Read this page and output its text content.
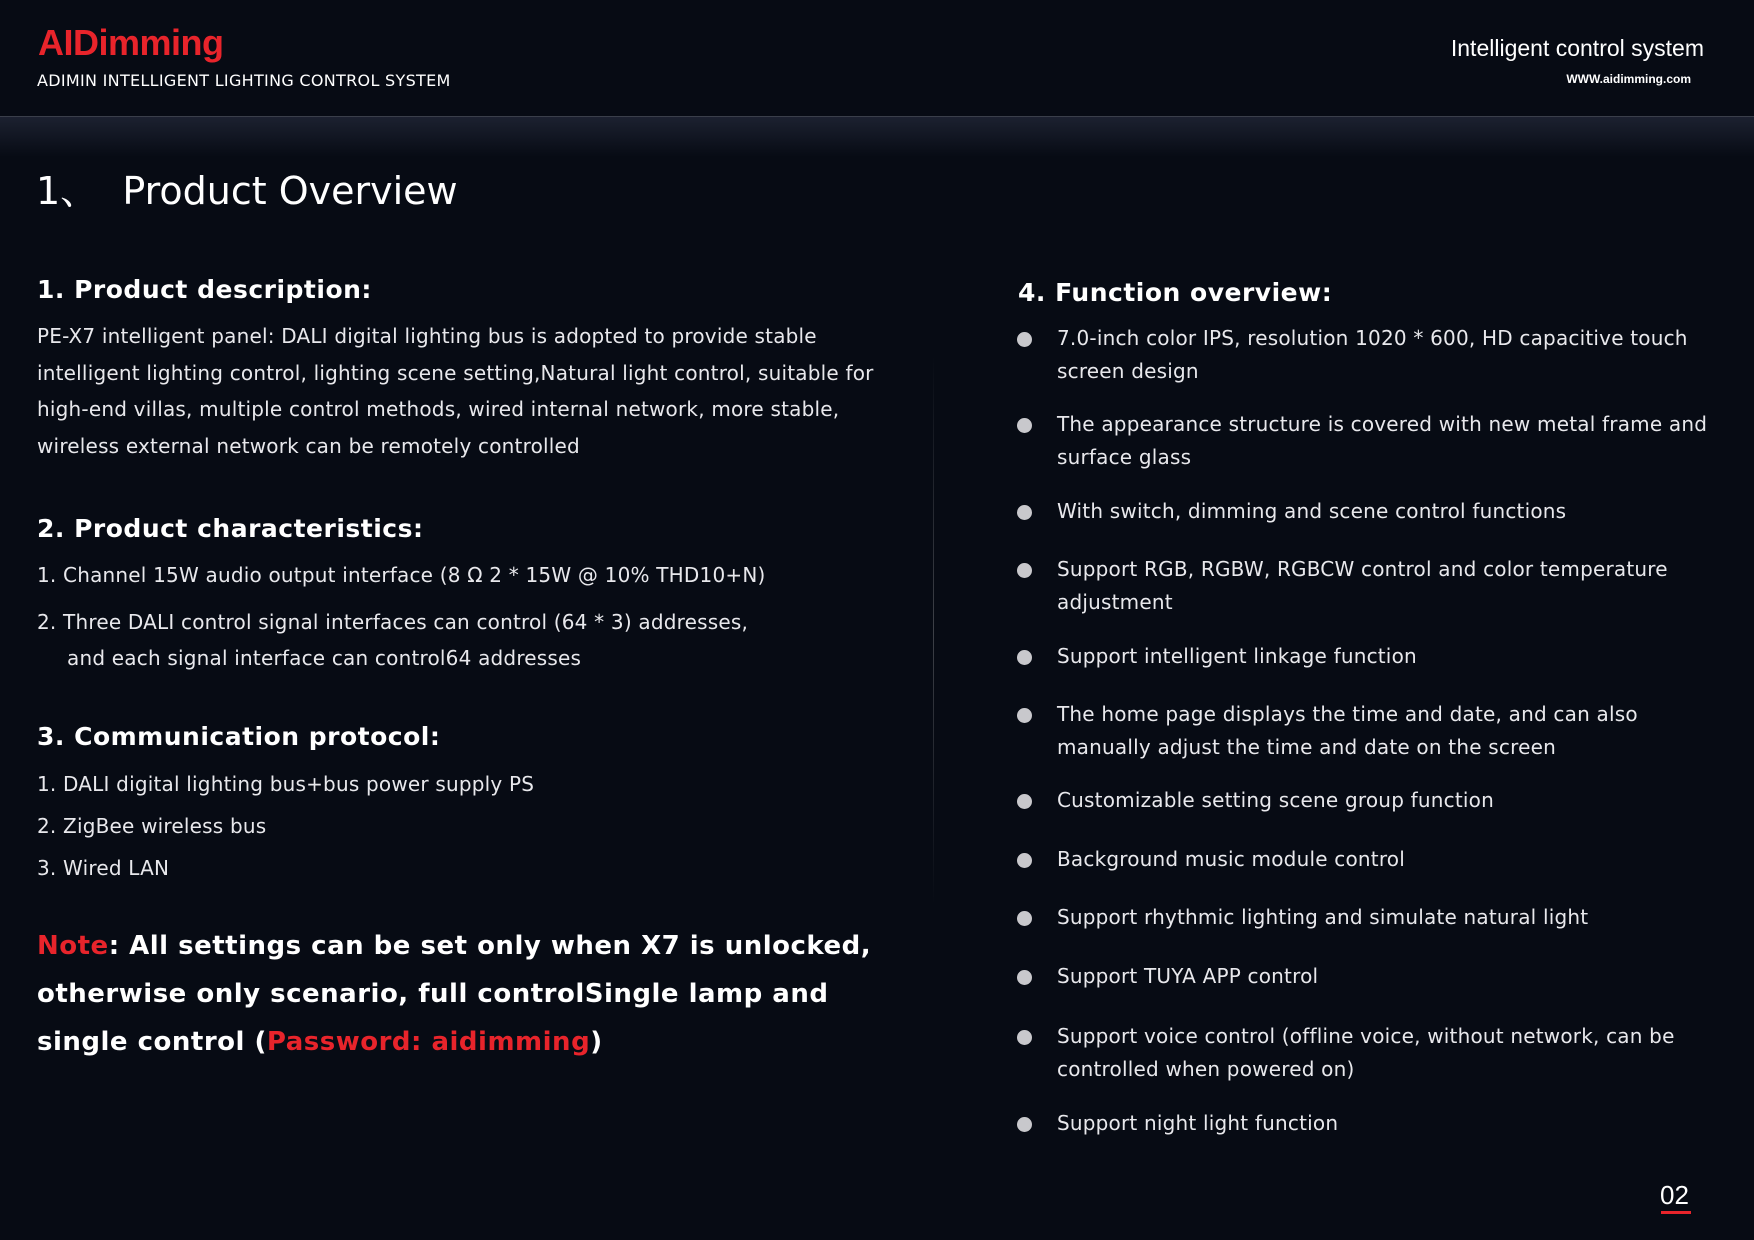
AIDimming
ADIMIN INTELLIGENT LIGHTING CONTROL SYSTEM
Intelligent control system
WWW.aidimming.com
1、  Product Overview
1. Product description:
PE-X7 intelligent panel: DALI digital lighting bus is adopted to provide stable intelligent lighting control, lighting scene setting,Natural light control, suitable for high-end villas, multiple control methods, wired internal network, more stable, wireless external network can be remotely controlled
2. Product characteristics:
1. Channel 15W audio output interface (8 Ω 2 * 15W @ 10% THD10+N)
2. Three DALI control signal interfaces can control (64 * 3) addresses,
and each signal interface can control64 addresses
3. Communication protocol:
1. DALI digital lighting bus+bus power supply PS
2. ZigBee wireless bus
3. Wired LAN
Note: All settings can be set only when X7 is unlocked, otherwise only scenario, full controlSingle lamp and single control (Password: aidimming)
4. Function overview:
7.0-inch color IPS, resolution 1020 * 600, HD capacitive touch screen design
The appearance structure is covered with new metal frame and surface glass
With switch, dimming and scene control functions
Support RGB, RGBW, RGBCW control and color temperature adjustment
Support intelligent linkage function
The home page displays the time and date, and can also manually adjust the time and date on the screen
Customizable setting scene group function
Background music module control
Support rhythmic lighting and simulate natural light
Support TUYA APP control
Support voice control (offline voice, without network, can be controlled when powered on)
Support night light function
02
